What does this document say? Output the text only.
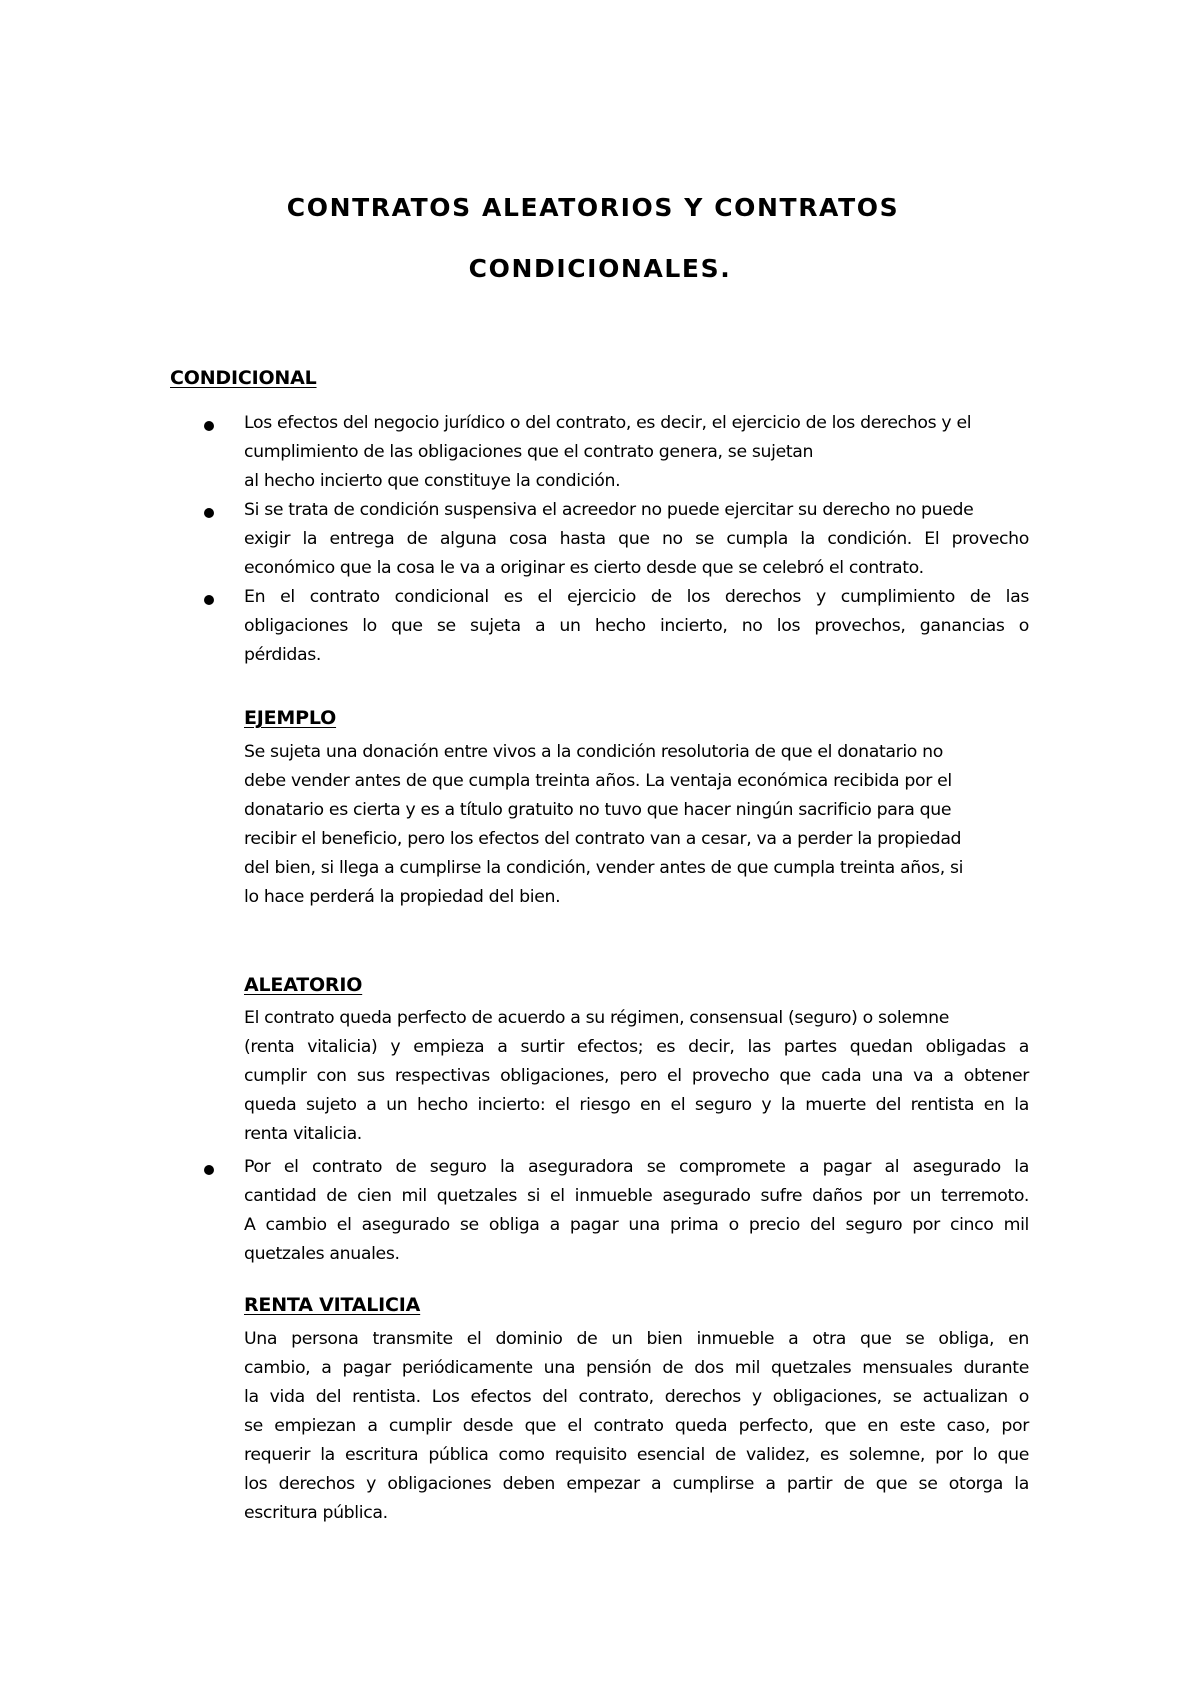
CONTRATOS ALEATORIOS Y CONTRATOS
CONDICIONALES.
CONDICIONAL

Los efectos del negocio jurídico o del contrato, es decir, el ejercicio de los derechos y el
cumplimiento de las obligaciones que el contrato genera, se sujetan
al hecho incierto que constituye la condición.

Si se trata de condición suspensiva el acreedor no puede ejercitar su derecho no puede
exigir la entrega de alguna cosa hasta que no se cumpla la condición. El provecho
económico que la cosa le va a originar es cierto desde que se celebró el contrato.

En el contrato condicional es el ejercicio de los derechos y cumplimiento de las
obligaciones lo que se sujeta a un hecho incierto, no los provechos, ganancias o
pérdidas.

EJEMPLO

Se sujeta una donación entre vivos a la condición resolutoria de que el donatario no
debe vender antes de que cumpla treinta años. La ventaja económica recibida por el
donatario es cierta y es a título gratuito no tuvo que hacer ningún sacrificio para que
recibir el beneficio, pero los efectos del contrato van a cesar, va a perder la propiedad
del bien, si llega a cumplirse la condición, vender antes de que cumpla treinta años, si
lo hace perderá la propiedad del bien.

ALEATORIO

El contrato queda perfecto de acuerdo a su régimen, consensual (seguro) o solemne
(renta vitalicia) y empieza a surtir efectos; es decir, las partes quedan obligadas a
cumplir con sus respectivas obligaciones, pero el provecho que cada una va a obtener
queda sujeto a un hecho incierto: el riesgo en el seguro y la muerte del rentista en la
renta vitalicia.

Por el contrato de seguro la aseguradora se compromete a pagar al asegurado la
cantidad de cien mil quetzales si el inmueble asegurado sufre daños por un terremoto.
A cambio el asegurado se obliga a pagar una prima o precio del seguro por cinco mil
quetzales anuales.

RENTA VITALICIA

Una persona transmite el dominio de un bien inmueble a otra que se obliga, en
cambio, a pagar periódicamente una pensión de dos mil quetzales mensuales durante
la vida del rentista. Los efectos del contrato, derechos y obligaciones, se actualizan o
se empiezan a cumplir desde que el contrato queda perfecto, que en este caso, por
requerir la escritura pública como requisito esencial de validez, es solemne, por lo que
los derechos y obligaciones deben empezar a cumplirse a partir de que se otorga la
escritura pública.
